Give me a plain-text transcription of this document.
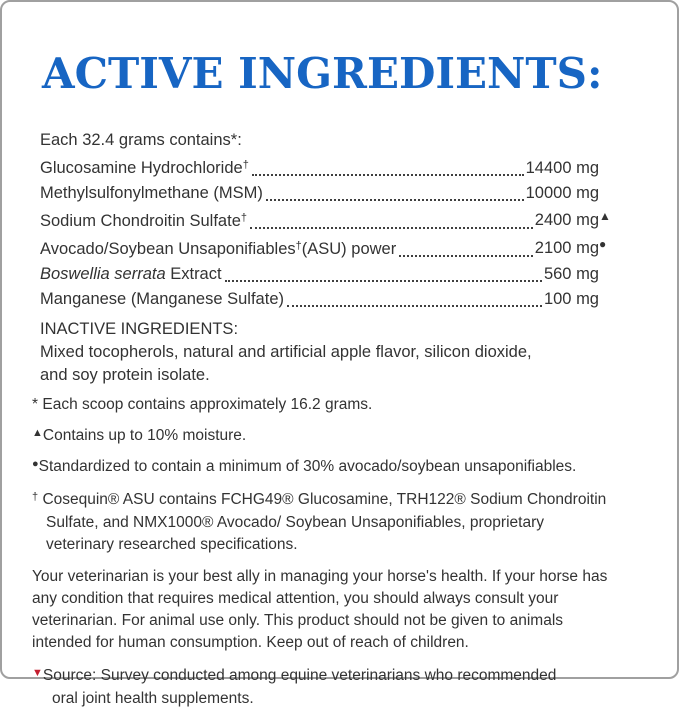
ACTIVE INGREDIENTS:
Each 32.4 grams contains*:
Glucosamine Hydrochloride†	14400 mg
Methylsulfonylmethane (MSM)	10000 mg
Sodium Chondroitin Sulfate†	2400 mg▲
Avocado/Soybean Unsaponifiables†(ASU) power	2100 mg●
Boswellia serrata Extract	560 mg
Manganese (Manganese Sulfate)	100 mg
INACTIVE INGREDIENTS:
Mixed tocopherols, natural and artificial apple flavor, silicon dioxide,
and soy protein isolate.
* Each scoop contains approximately 16.2 grams.
▲Contains up to 10% moisture.
●Standardized to contain a minimum of 30% avocado/soybean unsaponifiables.
† Cosequin® ASU contains FCHG49® Glucosamine, TRH122® Sodium Chondroitin
Sulfate, and NMX1000® Avocado/ Soybean Unsaponifiables, proprietary
veterinary researched specifications.
Your veterinarian is your best ally in managing your horse's health. If your horse has
any condition that requires medical attention, you should always consult your
veterinarian. For animal use only. This product should not be given to animals
intended for human consumption. Keep out of reach of children.
▼Source: Survey conducted among equine veterinarians who recommended
oral joint health supplements.
